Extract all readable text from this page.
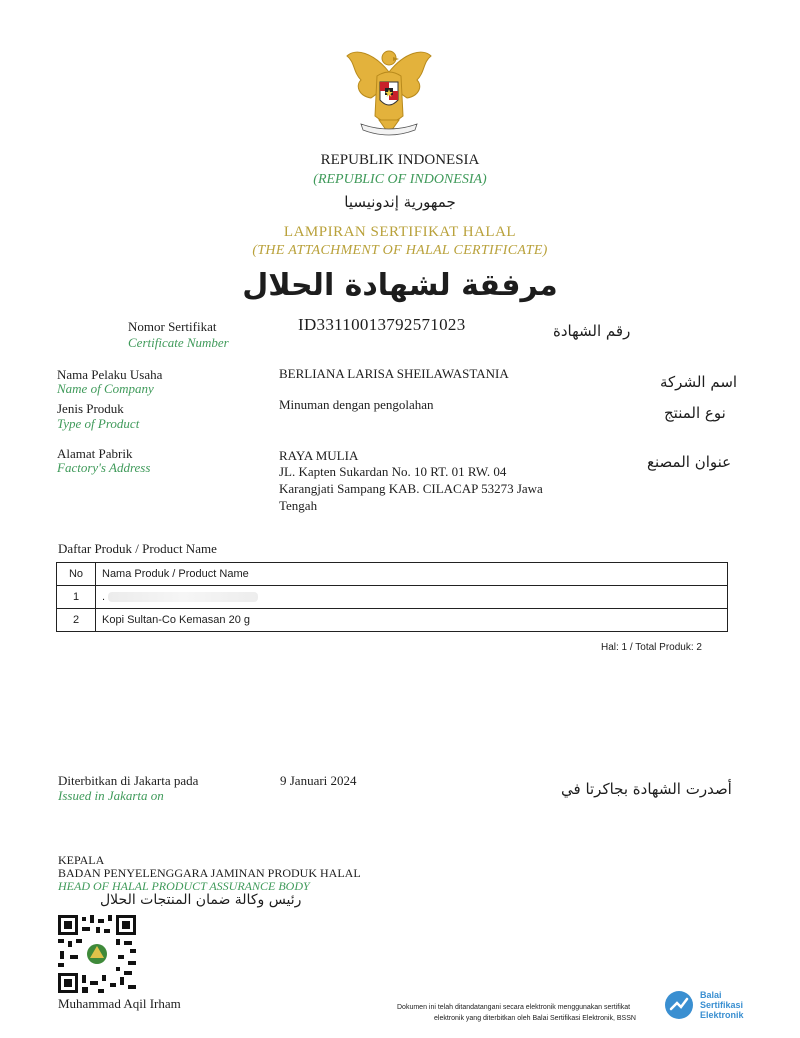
REPUBLIK INDONESIA
(REPUBLIC OF INDONESIA)
جمهورية إندونيسيا
LAMPIRAN SERTIFIKAT HALAL
(THE ATTACHMENT OF HALAL CERTIFICATE)
مرفقة لشهادة الحلال
Nomor Sertifikat
Certificate Number
ID33110013792571023	رقم الشهادة
Nama Pelaku Usaha
Name of Company
BERLIANA LARISA SHEILAWASTANIA	اسم الشركة
Jenis Produk
Type of Product
Minuman dengan pengolahan	نوع المنتج
Alamat Pabrik
Factory's Address
RAYA MULIA
JL. Kapten Sukardan No. 10 RT. 01 RW. 04
Karangjati Sampang KAB. CILACAP 53273 Jawa
Tengah
عنوان المصنع
Daftar Produk / Product Name
No	Nama Produk / Product Name
1	.
2	Kopi Sultan-Co Kemasan 20 g
Hal: 1 / Total Produk: 2
Diterbitkan di Jakarta pada
Issued in Jakarta on
9 Januari 2024	أصدرت الشهادة بجاكرتا في
KEPALA
BADAN PENYELENGGARA JAMINAN PRODUK HALAL
HEAD OF HALAL PRODUCT ASSURANCE BODY
رئيس وكالة ضمان المنتجات الحلال
Muhammad Aqil Irham	Dokumen ini telah ditandatangani secara elektronik menggunakan sertifikat
elektronik yang diterbitkan oleh Balai Sertifikasi Elektronik, BSSN
Balai
Sertifikasi
Elektronik
